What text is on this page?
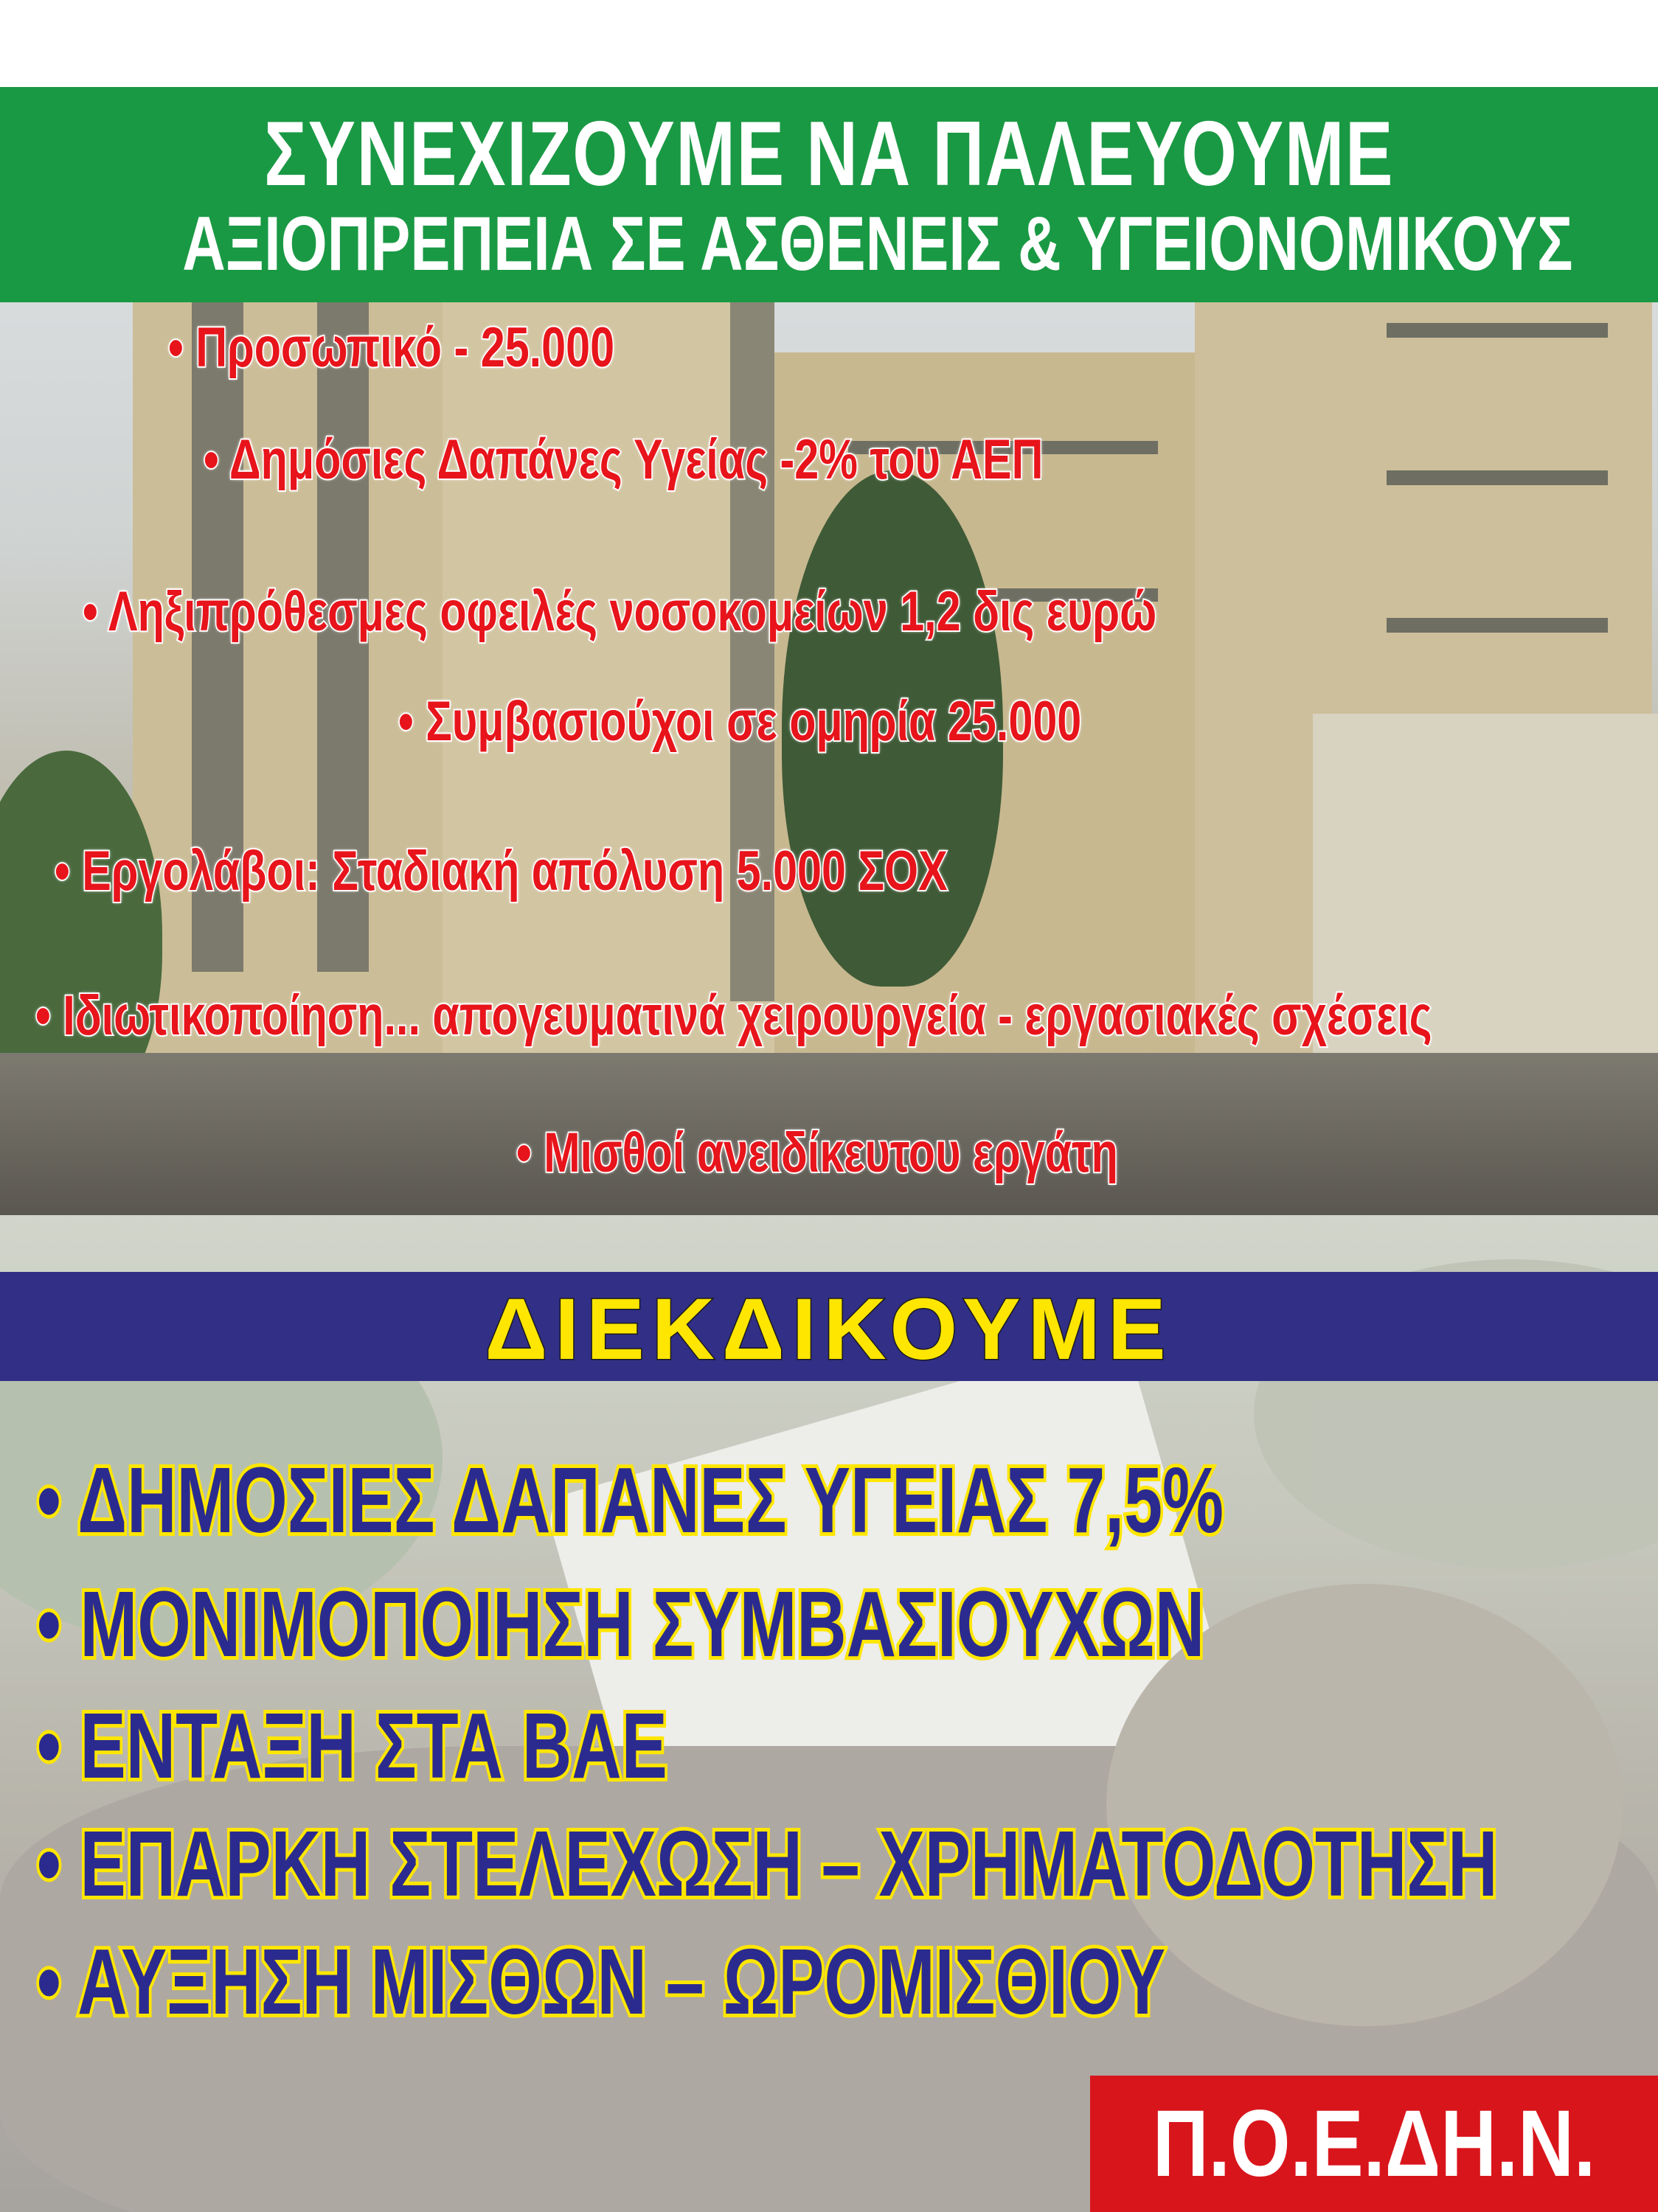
ΣΥΝΕΧΙΖΟΥΜΕ ΝΑ ΠΑΛΕΥΟΥΜΕ
ΑΞΙΟΠΡΕΠΕΙΑ ΣΕ ΑΣΘΕΝΕΙΣ & ΥΓΕΙΟΝΟΜΙΚΟΥΣ
• Προσωπικό - 25.000
• Δημόσιες Δαπάνες Υγείας -2% του ΑΕΠ
• Ληξιπρόθεσμες οφειλές νοσοκομείων 1,2 δις ευρώ
• Συμβασιούχοι σε ομηρία 25.000
• Εργολάβοι: Σταδιακή απόλυση 5.000 ΣΟΧ
• Ιδιωτικοποίηση... απογευματινά χειρουργεία - εργασιακές σχέσεις
• Μισθοί ανειδίκευτου εργάτη
ΔΙΕΚΔΙΚΟΥΜΕ
• ΔΗΜΟΣΙΕΣ ΔΑΠΑΝΕΣ ΥΓΕΙΑΣ 7,5%
• ΜΟΝΙΜΟΠΟΙΗΣΗ ΣΥΜΒΑΣΙΟΥΧΩΝ
• ΕΝΤΑΞΗ ΣΤΑ ΒΑΕ
• ΕΠΑΡΚΗ ΣΤΕΛΕΧΩΣΗ – ΧΡΗΜΑΤΟΔΟΤΗΣΗ
• ΑΥΞΗΣΗ ΜΙΣΘΩΝ – ΩΡΟΜΙΣΘΙΟΥ
Π.Ο.Ε.ΔΗ.Ν.
